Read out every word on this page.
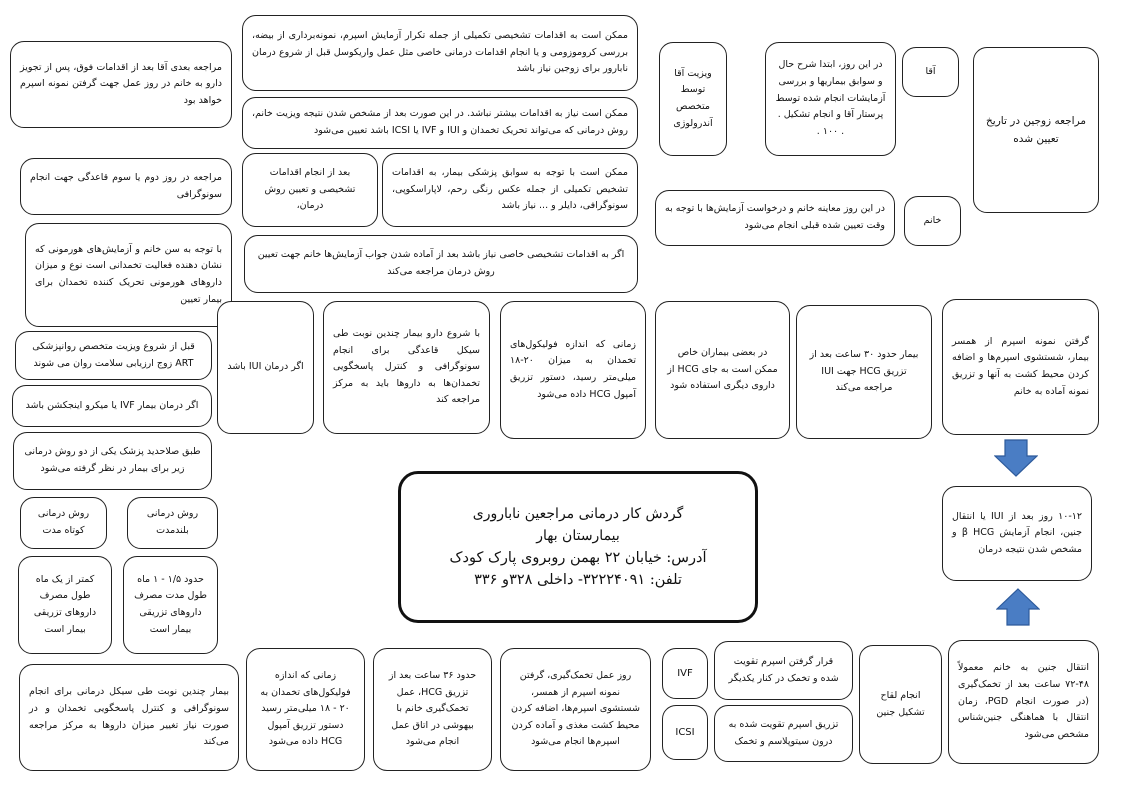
ممکن است به اقدامات تشخیصی تکمیلی از جمله تکرار آزمایش اسپرم، نمونه‌برداری از بیضه، بررسی کروموزومی و یا انجام اقدامات درمانی خاصی مثل عمل واریکوسل قبل از شروع درمان نابارور برای زوجین نیاز باشد
ممکن است نیاز به اقدامات بیشتر نباشد. در این صورت بعد از مشخص شدن نتیجه ویزیت خانم، روش درمانی که می‌تواند تحریک تخمدان و IUI و IVF یا ICSI باشد تعیین می‌شود
ممکن است با توجه به سوابق پزشکی بیمار، به اقدامات تشخیص تکمیلی از جمله عکس رنگی رحم، لاپاراسکوپی، سونوگرافی، دایلر و ... نیاز باشد
بعد از انجام اقدامات تشخیصی و تعیین روش درمان،
اگر به اقدامات تشخیصی خاصی نیاز باشد بعد از آماده شدن جواب آزمایش‌ها خانم جهت تعیین روش درمان مراجعه می‌کند
ویزیت آقا توسط متخصص آندرولوژی
در این روز، ابتدا شرح حال و سوابق بیماریها و بررسی آزمایشات انجام شده توسط پرستار آقا و انجام تشکیل . . ۱۰۰ .
آقا
مراجعه زوجین در تاریخ تعیین شده
در این روز معاینه خانم و درخواست آزمایش‌ها با توجه به وقت تعیین شده قبلی انجام می‌شود	خانم
مراجعه بعدی آقا بعد از اقدامات فوق، پس از تجویز دارو به خانم در روز عمل جهت گرفتن نمونه اسپرم خواهد بود
مراجعه در روز دوم یا سوم قاعدگی جهت انجام سونوگرافی
با توجه به سن خانم و آزمایش‌های هورمونی که نشان دهنده فعالیت تخمدانی است نوع و میزان داروهای هورمونی تحریک کننده تخمدان برای بیمار تعیین
قبل از شروع ویزیت متخصص روانپزشکی ART زوج ارزیابی سلامت روان می شوند
اگر درمان بیمار IVF یا میکرو اینجکشن باشد
طبق صلاحدید پزشک یکی از دو روش درمانی زیر برای بیمار در نظر گرفته می‌شود
روش درمانی کوتاه مدت
روش درمانی بلندمدت
کمتر از یک ماه طول مصرف داروهای تزریقی بیمار است
حدود ۱/۵ - ۱ ماه طول مدت مصرف داروهای تزریقی بیمار است
اگر درمان IUI باشد
با شروع دارو بیمار چندین نوبت طی سیکل قاعدگی برای انجام سونوگرافی و کنترل پاسخگویی تخمدان‌ها به داروها باید به مرکز مراجعه کند
زمانی که اندازه فولیکول‌های تخمدان به میزان ۲۰-۱۸ میلی‌متر رسید، دستور تزریق آمپول HCG داده می‌شود
در بعضی بیماران خاص ممکن است به جای HCG از داروی دیگری استفاده شود
بیمار حدود ۳۰ ساعت بعد از تزریق HCG جهت IUI مراجعه می‌کند
گرفتن نمونه اسپرم از همسر بیمار، شستشوی اسپرم‌ها و اضافه کردن محیط کشت به آنها و تزریق نمونه آماده به خانم
۱۰-۱۲ روز بعد از IUI یا انتقال جنین، انجام آزمایش β HCG و مشخص شدن نتیجه درمان
گردش کار درمانی مراجعین ناباروری
بیمارستان بهار
آدرس: خیابان ۲۲ بهمن روبروی پارک کودک
تلفن: ۳۲۲۲۴۰۹۱- داخلی ۳۲۸و ۳۳۶
بیمار چندین نوبت طی سیکل درمانی برای انجام سونوگرافی و کنترل پاسخگویی تخمدان و در صورت نیاز تغییر میزان داروها به مرکز مراجعه می‌کند
زمانی که اندازه فولیکول‌های تخمدان به ۲۰ - ۱۸ میلی‌متر رسید دستور تزریق آمپول HCG داده می‌شود
حدود ۳۶ ساعت بعد از تزریق HCG، عمل تخمک‌گیری خانم با بیهوشی در اتاق عمل انجام می‌شود
روز عمل تخمک‌گیری، گرفتن نمونه اسپرم از همسر، شستشوی اسپرم‌ها، اضافه کردن محیط کشت مغذی و آماده کردن اسپرم‌ها انجام می‌شود
IVF
ICSI
قرار گرفتن اسپرم تقویت شده و تخمک در کنار یکدیگر
تزریق اسپرم تقویت شده به درون سیتوپلاسم و تخمک
انجام لقاح تشکیل جنین
انتقال جنین به خانم معمولاً ۴۸-۷۲ ساعت بعد از تخمک‌گیری (در صورت انجام PGD، زمان انتقال با هماهنگی جنین‌شناس مشخص می‌شود
